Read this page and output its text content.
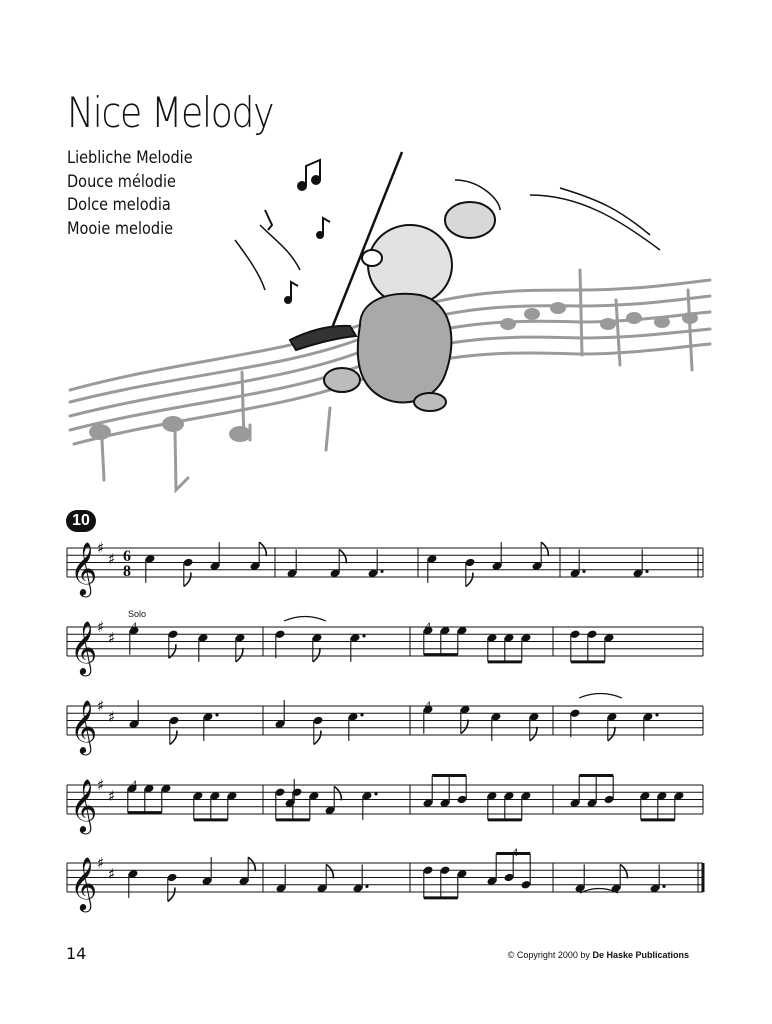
Nice Melody
Liebliche Melodie
Douce mélodie
Dolce melodia
Mooie melodie
10
𝄞 ♯
♯
𝄞 ♯
♯
𝄞 ♯
♯
𝄞 ♯
♯
𝄞 ♯
♯
6
8
Solo
4	4
4
4
4
14	© Copyright 2000 by De Haske Publications
